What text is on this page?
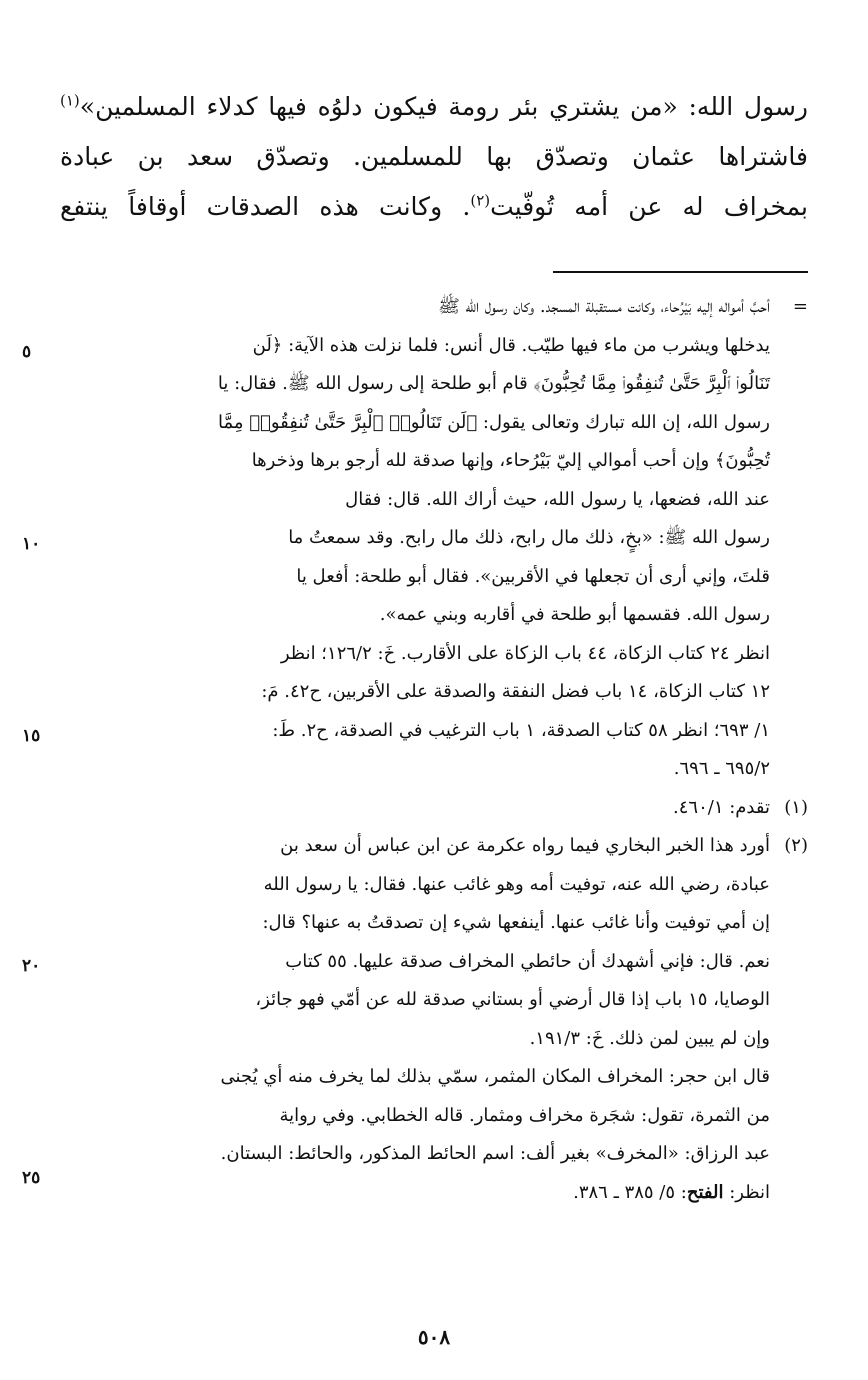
رسول الله: «من يشتري بئر رومة فيكون دلوُه فيها كدلاء المسلمين»$^{(١)}$
فاشتراها عثمان وتصدّق بها للمسلمين. وتصدّق سعد بن عبادة
بمخراف له عن أمه تُوفّيت$^{(٢)}$. وكانت هذه الصدقات أوقافاً ينتفع

=أحبَّ أمواله إليه بَيْرُحاء، وكانت مستقبلة المسجد. وكان رسول الله ﷺ
يدخلها ويشرب من ماء فيها طيّب. قال أنس: فلما نزلت هذه الآية: ﴿لَن
تَنَالُوا۟ ٱلْبِرَّ حَتَّىٰ تُنفِقُوا۟ مِمَّا تُحِبُّونَ﴾ قام أبو طلحة إلى رسول الله ﷺ. فقال: يا
رسول الله، إن الله تبارك وتعالى يقول: ﴿لَن تَنَالُوا۟ ٱلْبِرَّ حَتَّىٰ تُنفِقُوا۟ مِمَّا
تُحِبُّونَ﴾ وإن أحب أموالي إليّ بَيْرُحاء، وإنها صدقة لله أرجو برها وذخرها
عند الله، فضعها، يا رسول الله، حيث أراك الله. قال: فقال
رسول الله ﷺ: «بخٍ، ذلك مال رابح، ذلك مال رابح. وقد سمعتُ ما
قلتَ، وإني أرى أن تجعلها في الأقربين». فقال أبو طلحة: أفعل يا
رسول الله. فقسمها أبو طلحة في أقاربه وبني عمه».
انظر ٢٤ كتاب الزكاة، ٤٤ باب الزكاة على الأقارب. خَ: ١٢٦/٢؛ انظر
١٢ كتاب الزكاة، ١٤ باب فضل النفقة والصدقة على الأقربين، ح٤٢. مَ:
١/ ٦٩٣؛ انظر ٥٨ كتاب الصدقة، ١ باب الترغيب في الصدقة، ح٢. طَ:
٦٩٥/٢ ـ ٦٩٦.
(١)تقدم: ٤٦٠/١.
(٢)أورد هذا الخبر البخاري فيما رواه عكرمة عن ابن عباس أن سعد بن
عبادة، رضي الله عنه، توفيت أمه وهو غائب عنها. فقال: يا رسول الله
إن أمي توفيت وأنا غائب عنها. أينفعها شيء إن تصدقتُ به عنها؟ قال:
نعم. قال: فإني أشهدك أن حائطي المخراف صدقة عليها. ٥٥ كتاب
الوصايا، ١٥ باب إذا قال أرضي أو بستاني صدقة لله عن أمّي فهو جائز،
وإن لم يبين لمن ذلك. خَ: ١٩١/٣.
قال ابن حجر: المخراف المكان المثمر، سمّي بذلك لما يخرف منه أي يُجنى
من الثمرة، تقول: شجَرة مخراف ومثمار. قاله الخطابي. وفي رواية
عبد الرزاق: «المخرف» بغير ألف: اسم الحائط المذكور، والحائط: البستان.
انظر: الفتح: ٥/ ٣٨٥ ـ ٣٨٦.
٥
١٠
١٥
٢٠
٢٥
٥٠٨
